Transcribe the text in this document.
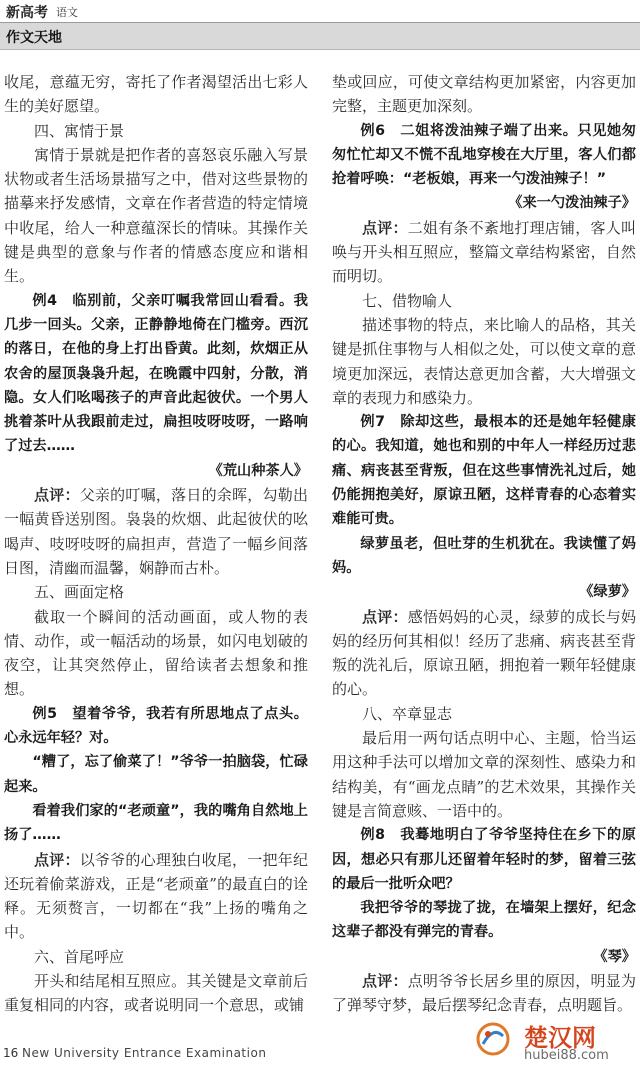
新高考 语文
作文天地

收尾，意蕴无穷，寄托了作者渴望活出七彩人生的美好愿望。

四、寓情于景

寓情于景就是把作者的喜怒哀乐融入写景状物或者生活场景描写之中，借对这些景物的描摹来抒发感情，文章在作者营造的特定情境中收尾，给人一种意蕴深长的情味。其操作关键是典型的意象与作者的情感态度应和谐相生。

例4　 临别前，父亲叮嘱我常回山看看。我几步一回头。父亲，正静静地倚在门槛旁。西沉的落日，在他的身上打出昏黄。此刻，炊烟正从农舍的屋顶袅袅升起，在晚霞中四射，分散，消隐。女人们吆喝孩子的声音此起彼伏。一个男人挑着茶叶从我跟前走过，扁担吱呀吱呀，一路响了过去……
《荒山种茶人》

点评：父亲的叮嘱，落日的余晖，勾勒出一幅黄昏送别图。袅袅的炊烟、此起彼伏的吆喝声、吱呀吱呀的扁担声，营造了一幅乡间落日图，清幽而温馨，娴静而古朴。

五、画面定格

截取一个瞬间的活动画面，或人物的表情、动作，或一幅活动的场景，如闪电划破的夜空，让其突然停止，留给读者去想象和推想。

例5　 望着爷爷，我若有所思地点了点头。心永远年轻？对。

“糟了，忘了偷菜了！”爷爷一拍脑袋，忙碌起来。

看着我们家的“老顽童”，我的嘴角自然地上扬了……

点评：以爷爷的心理独白收尾，一把年纪还玩着偷菜游戏，正是“老顽童”的最直白的诠释。无须赘言，一切都在“我”上扬的嘴角之中。

六、首尾呼应

开头和结尾相互照应。其关键是文章前后重复相同的内容，或者说明同一个意思，或铺

垫或回应，可使文章结构更加紧密，内容更加完整，主题更加深刻。

例6　 二姐将泼油辣子端了出来。只见她匆匆忙忙却又不慌不乱地穿梭在大厅里，客人们都抢着呼唤：“老板娘，再来一勺泼油辣子！”
《来一勺泼油辣子》

点评：二姐有条不紊地打理店铺，客人叫唤与开头相互照应，整篇文章结构紧密，自然而明切。

七、借物喻人

描述事物的特点，来比喻人的品格，其关键是抓住事物与人相似之处，可以使文章的意境更加深远，表情达意更加含蓄，大大增强文章的表现力和感染力。

例7　 除却这些，最根本的还是她年轻健康的心。我知道，她也和别的中年人一样经历过悲痛、病丧甚至背叛，但在这些事情洗礼过后，她仍能拥抱美好，原谅丑陋，这样青春的心态着实难能可贵。

绿萝虽老，但吐芽的生机犹在。我读懂了妈妈。
《绿萝》

点评：感悟妈妈的心灵，绿萝的成长与妈妈的经历何其相似！经历了悲痛、病丧甚至背叛的洗礼后，原谅丑陋，拥抱着一颗年轻健康的心。

八、卒章显志

最后用一两句话点明中心、主题，恰当运用这种手法可以增加文章的深刻性、感染力和结构美，有“画龙点睛”的艺术效果，其操作关键是言简意赅、一语中的。

例8　 我蓦地明白了爷爷坚持住在乡下的原因，想必只有那儿还留着年轻时的梦，留着三弦的最后一批听众吧？

我把爷爷的琴拢了拢，在墙架上摆好，纪念这辈子都没有弹完的青春。
《琴》

点评：点明爷爷长居乡里的原因，明显为了弹琴守梦，最后摆琴纪念青春，点明题旨。

16 New University Entrance Examination
楚汉网
hubei88.com
